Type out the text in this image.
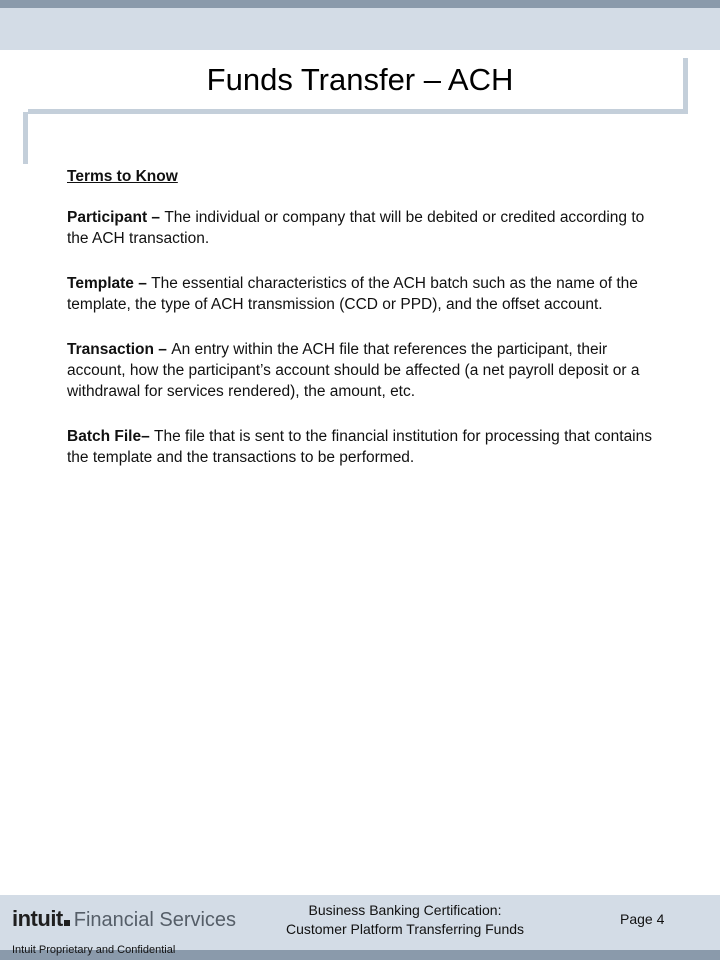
Funds Transfer – ACH

Terms to Know

Participant – The individual or company that will be debited or credited according to the ACH transaction.

Template – The essential characteristics of the ACH batch such as the name of the template, the type of ACH transmission (CCD or PPD), and the offset account.

Transaction – An entry within the ACH file that references the participant, their account, how the participant’s account should be affected (a net payroll deposit or a withdrawal for services rendered), the amount, etc.

Batch File– The file that is sent to the financial institution for processing that contains the template and the transactions to be performed.

intuit Financial Services
Intuit Proprietary and Confidential
Business Banking Certification:
Customer Platform Transferring Funds
Page 4
